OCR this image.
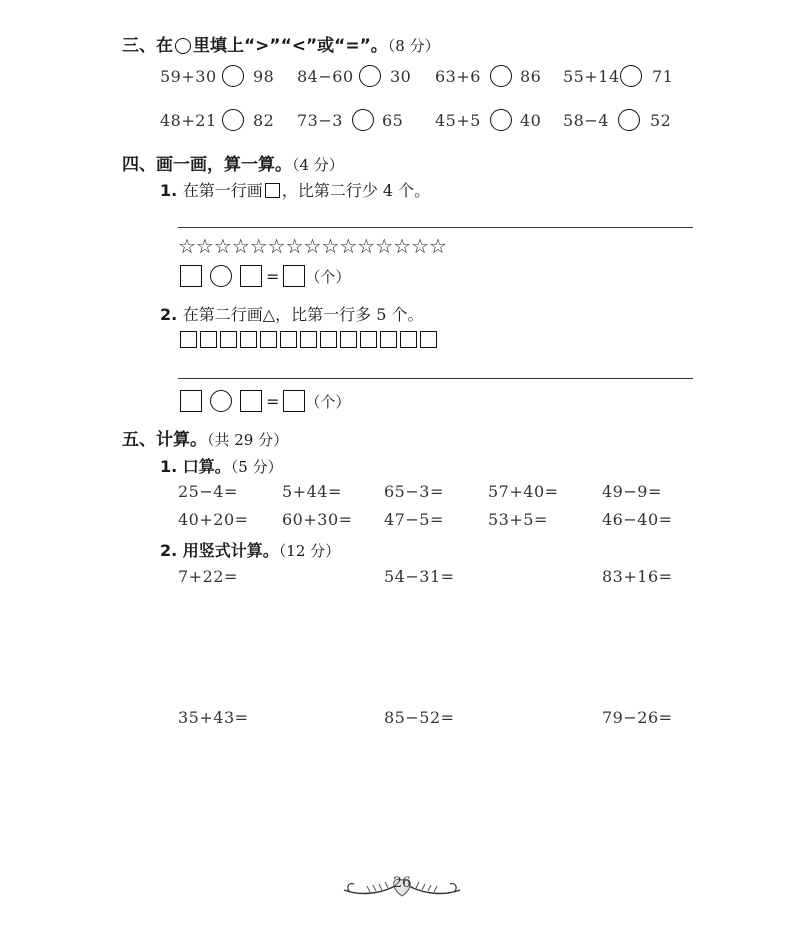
三、在 里填上“>”“<”或“=”。（8 分）
59+30 98 84−60 30 63+6 86 55+14 71
48+21 82 73−3 65 45+5 40 58−4	52
四、画一画，算一算。（4 分）
1. 在第一行画 ，比第二行少 4 个。
☆☆☆☆☆☆☆☆☆☆☆☆☆☆☆
= （个）
2. 在第二行画△，比第一行多 5 个。
= （个）
五、计算。（共 29 分）
1. 口算。（5 分）
25−4=	5+44=	65−3=	57+40=	49−9=
40+20= 60+30= 47−5=	53+5=	46−40=
2. 用竖式计算。（12 分）
7+22=	54−31=	83+16=
35+43=	85−52=	79−26=
26
